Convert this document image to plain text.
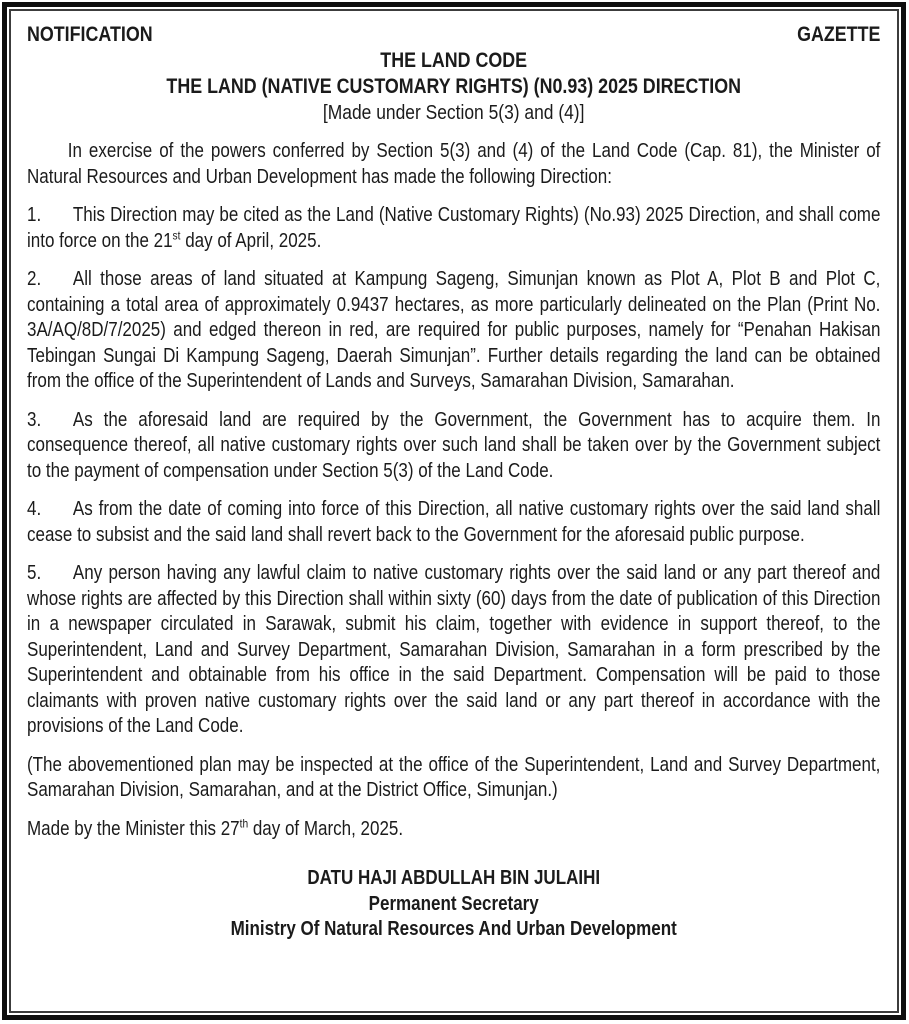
NOTIFICATION	GAZETTE
THE LAND CODE
THE LAND (NATIVE CUSTOMARY RIGHTS) (N0.93) 2025 DIRECTION
[Made under Section 5(3) and (4)]

In exercise of the powers conferred by Section 5(3) and (4) of the Land Code (Cap. 81), the Minister of Natural Resources and Urban Development has made the following Direction:

1. This Direction may be cited as the Land (Native Customary Rights) (No.93) 2025 Direction, and shall come into force on the 21st day of April, 2025.

2. All those areas of land situated at Kampung Sageng, Simunjan known as Plot A, Plot B and Plot C, containing a total area of approximately 0.9437 hectares, as more particularly delineated on the Plan (Print No. 3A/AQ/8D/7/2025) and edged thereon in red, are required for public purposes, namely for “Penahan Hakisan Tebingan Sungai Di Kampung Sageng, Daerah Simunjan”. Further details regarding the land can be obtained from the office of the Superintendent of Lands and Surveys, Samarahan Division, Samarahan.

3. As the aforesaid land are required by the Government, the Government has to acquire them. In consequence thereof, all native customary rights over such land shall be taken over by the Government subject to the payment of compensation under Section 5(3) of the Land Code.

4. As from the date of coming into force of this Direction, all native customary rights over the said land shall cease to subsist and the said land shall revert back to the Government for the aforesaid public purpose.

5. Any person having any lawful claim to native customary rights over the said land or any part thereof and whose rights are affected by this Direction shall within sixty (60) days from the date of publication of this Direction in a newspaper circulated in Sarawak, submit his claim, together with evidence in support thereof, to the Superintendent, Land and Survey Department, Samarahan Division, Samarahan in a form prescribed by the Superintendent and obtainable from his office in the said Department. Compensation will be paid to those claimants with proven native customary rights over the said land or any part thereof in accordance with the provisions of the Land Code.

(The abovementioned plan may be inspected at the office of the Superintendent, Land and Survey Department, Samarahan Division, Samarahan, and at the District Office, Simunjan.)

Made by the Minister this 27th day of March, 2025.

DATU HAJI ABDULLAH BIN JULAIHI
Permanent Secretary
Ministry Of Natural Resources And Urban Development
